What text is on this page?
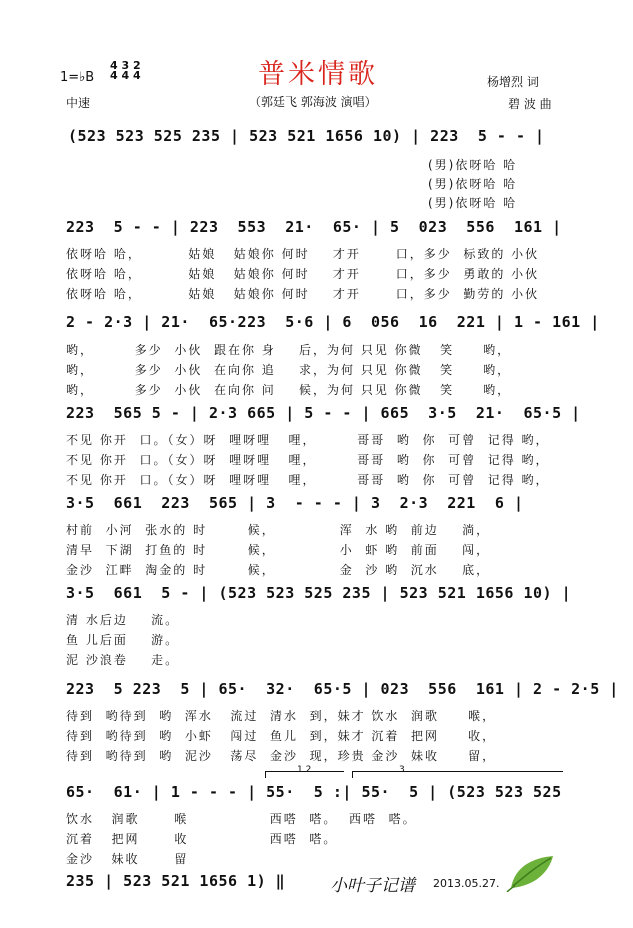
普米情歌
（郭廷飞 郭海波 演唱）
1=♭B
4 3 2
4 4 4
中速
杨增烈 词
碧 波 曲
(523 523 525 235 | 523 521 1656 10) | 223  5 - - |
(男)依呀哈 哈
(男)依呀哈 哈
(男)依呀哈 哈
223  5 - - | 223  553  21·  65· | 5  023  556  161 |
依呀哈 哈，        姑娘   姑娘你 何时    才开      口，多少  标致的 小伙
依呀哈 哈，        姑娘   姑娘你 何时    才开      口，多少  勇敢的 小伙
依呀哈 哈，        姑娘   姑娘你 何时    才开      口，多少  勤劳的 小伙
2 - 2·3 | 21·  65·223  5·6 | 6  056  16  221 | 1 - 161 |
哟，       多少  小伙  跟在你 身    后，为何 只见 你微   笑     哟，
哟，       多少  小伙  在向你 追    求，为何 只见 你微   笑     哟，
哟，       多少  小伙  在向你 问    候，为何 只见 你微   笑     哟，
223  565 5 - | 2·3 665 | 5 - - | 665  3·5  21·  65·5 |
不见 你开  口。（女）呀  哩呀哩   哩，       哥哥  哟  你  可曾  记得 哟，
不见 你开  口。（女）呀  哩呀哩   哩，       哥哥  哟  你  可曾  记得 哟，
不见 你开  口。（女）呀  哩呀哩   哩，       哥哥  哟  你  可曾  记得 哟，
3·5  661  223  565 | 3  - - - | 3  2·3  221  6 |
村前  小河  张水的 时       候，           浑  水 哟  前边    淌，
清早  下湖  打鱼的 时       候，           小  虾 哟  前面    闯，
金沙  江畔  淘金的 时       候，           金  沙 哟  沉水    底，
3·5  661  5 - | (523 523 525 235 | 523 521 1656 10) |
清 水后边    流。
鱼 儿后面    游。
泥 沙浪卷    走。
223  5 223  5 | 65·  32·  65·5 | 023  556  161 | 2 - 2·5 |
待到  哟待到  哟  浑水   流过  清水  到，妹才 饮水  润歌     喉，
待到  哟待到  哟  小虾   闯过  鱼儿  到，妹才 沉着  把网     收，
待到  哟待到  哟  泥沙   荡尽  金沙  现，珍贵 金沙  妹收     留，
1 2	3
65·  61· | 1 - - - | 55·  5 :| 55·  5 | (523 523 525
饮水   润歌      喉              西嗒  嗒。  西嗒  嗒。
沉着   把网      收              西嗒  嗒。
金沙   妹收      留
235 | 523 521 1656 1) ‖	小叶子记谱 2013.05.27.
